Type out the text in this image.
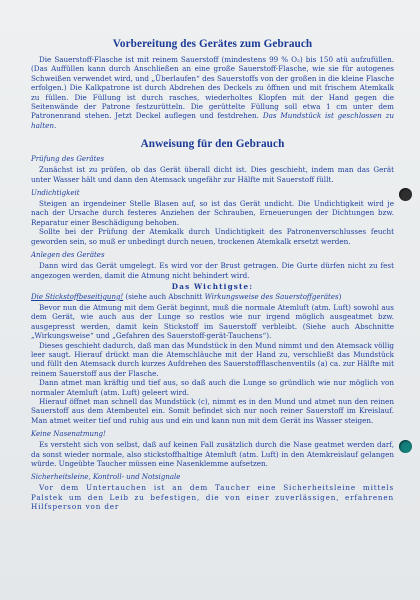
Vorbereitung des Gerätes zum Gebrauch

Die Sauerstoff-Flasche ist mit reinem Sauerstoff (mindestens 99 % O₂) bis 150 atü aufzufüllen. (Das Auffüllen kann durch Anschließen an eine große Sauerstoff-Flasche, wie sie für autogenes Schweißen verwendet wird, und „Überlaufen“ des Sauerstoffs von der großen in die kleine Flasche erfolgen.) Die Kalkpatrone ist durch Abdrehen des Deckels zu öffnen und mit frischem Atemkalk zu füllen. Die Füllung ist durch rasches, wiederholtes Klopfen mit der Hand gegen die Seitenwände der Patrone festzurütteln. Die gerüttelte Füllung soll etwa 1 cm unter dem Patronenrand stehen. Jetzt Deckel auflegen und festdrehen. Das Mundstück ist geschlossen zu halten.

Anweisung für den Gebrauch
Prüfung des Gerätes

Zunächst ist zu prüfen, ob das Gerät überall dicht ist. Dies geschieht, indem man das Gerät unter Wasser hält und dann den Atemsack ungefähr zur Hälfte mit Sauerstoff füllt.

Undichtigkeit

Steigen an irgendeiner Stelle Blasen auf, so ist das Gerät undicht. Die Undichtigkeit wird je nach der Ursache durch festeres Anziehen der Schrauben, Erneuerungen der Dichtungen bzw. Reparatur einer Beschädigung behoben.

Sollte bei der Prüfung der Atemkalk durch Undichtigkeit des Patronenverschlusses feucht geworden sein, so muß er unbedingt durch neuen, trockenen Atemkalk ersetzt werden.

Anlegen des Gerätes

Dann wird das Gerät umgelegt. Es wird vor der Brust getragen. Die Gurte dürfen nicht zu fest angezogen werden, damit die Atmung nicht behindert wird.

Das Wichtigste:
Die Stickstoffbeseitigung! (siehe auch Abschnitt Wirkungsweise des Sauerstoffgerätes)

Bevor nun die Atmung mit dem Gerät beginnt, muß die normale Atemluft (atm. Luft) sowohl aus dem Gerät, wie auch aus der Lunge so restlos wie nur irgend möglich ausgeatmet bzw. ausgepresst werden, damit kein Stickstoff im Sauerstoff verbleibt. (Siehe auch Abschnitte „Wirkungsweise“ und „Gefahren des Sauerstoff-gerät-Tauchens“).

Dieses geschieht dadurch, daß man das Mundstück in den Mund nimmt und den Atemsack völlig leer saugt. Hierauf drückt man die Atemschläuche mit der Hand zu, verschließt das Mundstück und füllt den Atemsack durch kurzes Aufdrehen des Sauerstoffflaschenventils (a) ca. zur Hälfte mit reinem Sauerstoff aus der Flasche.

Dann atmet man kräftig und tief aus, so daß auch die Lunge so gründlich wie nur möglich von normaler Atemluft (atm. Luft) geleert wird.

Hierauf öffnet man schnell das Mundstück (c), nimmt es in den Mund und atmet nun den reinen Sauerstoff aus dem Atembeutel ein. Somit befindet sich nur noch reiner Sauerstoff im Kreislauf. Man atmet weiter tief und ruhig aus und ein und kann nun mit dem Gerät ins Wasser steigen.

Keine Nasenatmung!

Es versteht sich von selbst, daß auf keinen Fall zusätzlich durch die Nase geatmet werden darf, da sonst wieder normale, also stickstoffhaltige Atemluft (atm. Luft) in den Atemkreislauf gelangen würde. Ungeübte Taucher müssen eine Nasenklemme aufsetzen.

Sicherheitsleine, Kontroll- und Notsignale

Vor dem Untertauchen ist an dem Taucher eine Sicherheitsleine mittels Palstek um den Leib zu befestigen, die von einer zuverlässigen, erfahrenen Hilfsperson von der
